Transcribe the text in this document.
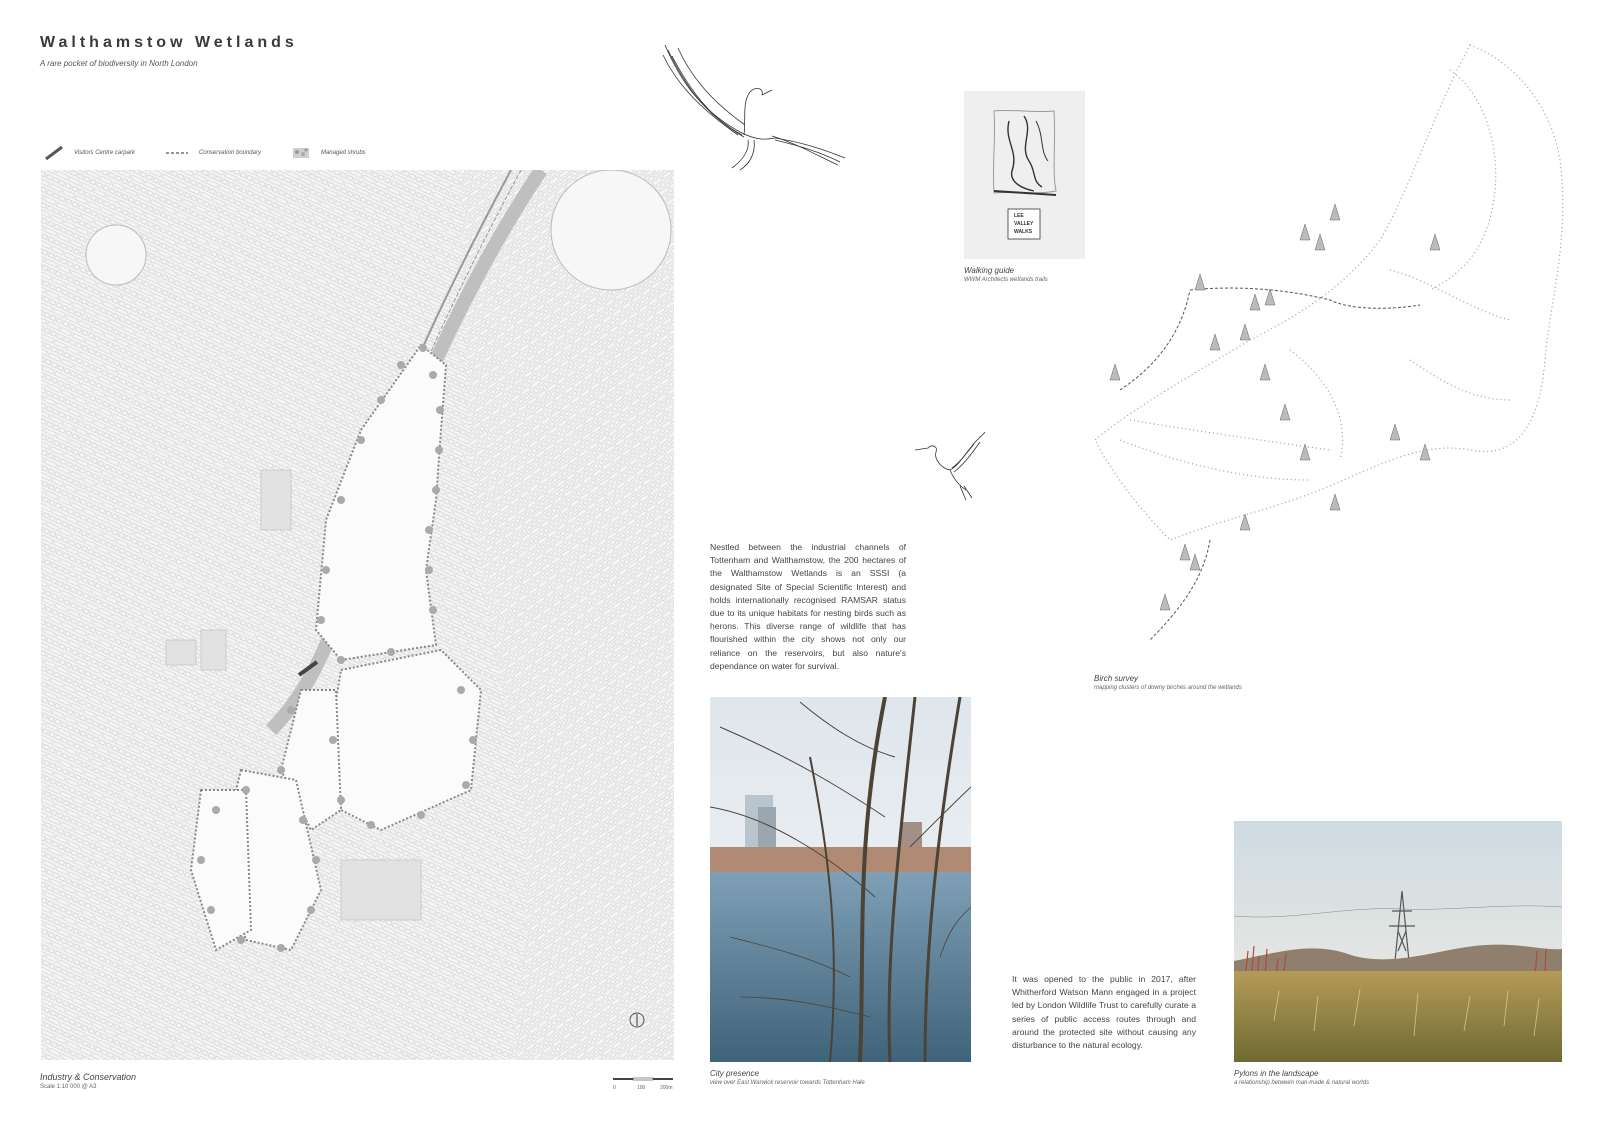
Walthamstow Wetlands
A rare pocket of biodiversity in North London
Visitors Centre carpark	Conservation boundary	Managed shrubs
Industry & Conservation
Scale 1:10 000 @ A3	0	100	200m
LEE
VALLEY
WALKS
Walking guide
WWM Architects wetlands trails
Birch survey
mapping clusters of downy birches around the wetlands
Nestled between the industrial channels of Tottenham and Walthamstow, the 200 hectares of the Walthamstow Wetlands is an SSSI (a designated Site of Special Scientific Interest) and holds internationally recognised RAMSAR status due to its unique habitats for nesting birds such as herons. This diverse range of wildlife that has flourished within the city shows not only our reliance on the reservoirs, but also nature's dependance on water for survival.
City presence
view over East Warwick reservoir towards Tottenham Hale
It was opened to the public in 2017, after Whitherford Watson Mann engaged in a project led by London Wildlife Trust to carefully curate a series of public access routes through and around the protected site without causing any disturbance to the natural ecology.
Pylons in the landscape
a relationship between man-made & natural worlds
